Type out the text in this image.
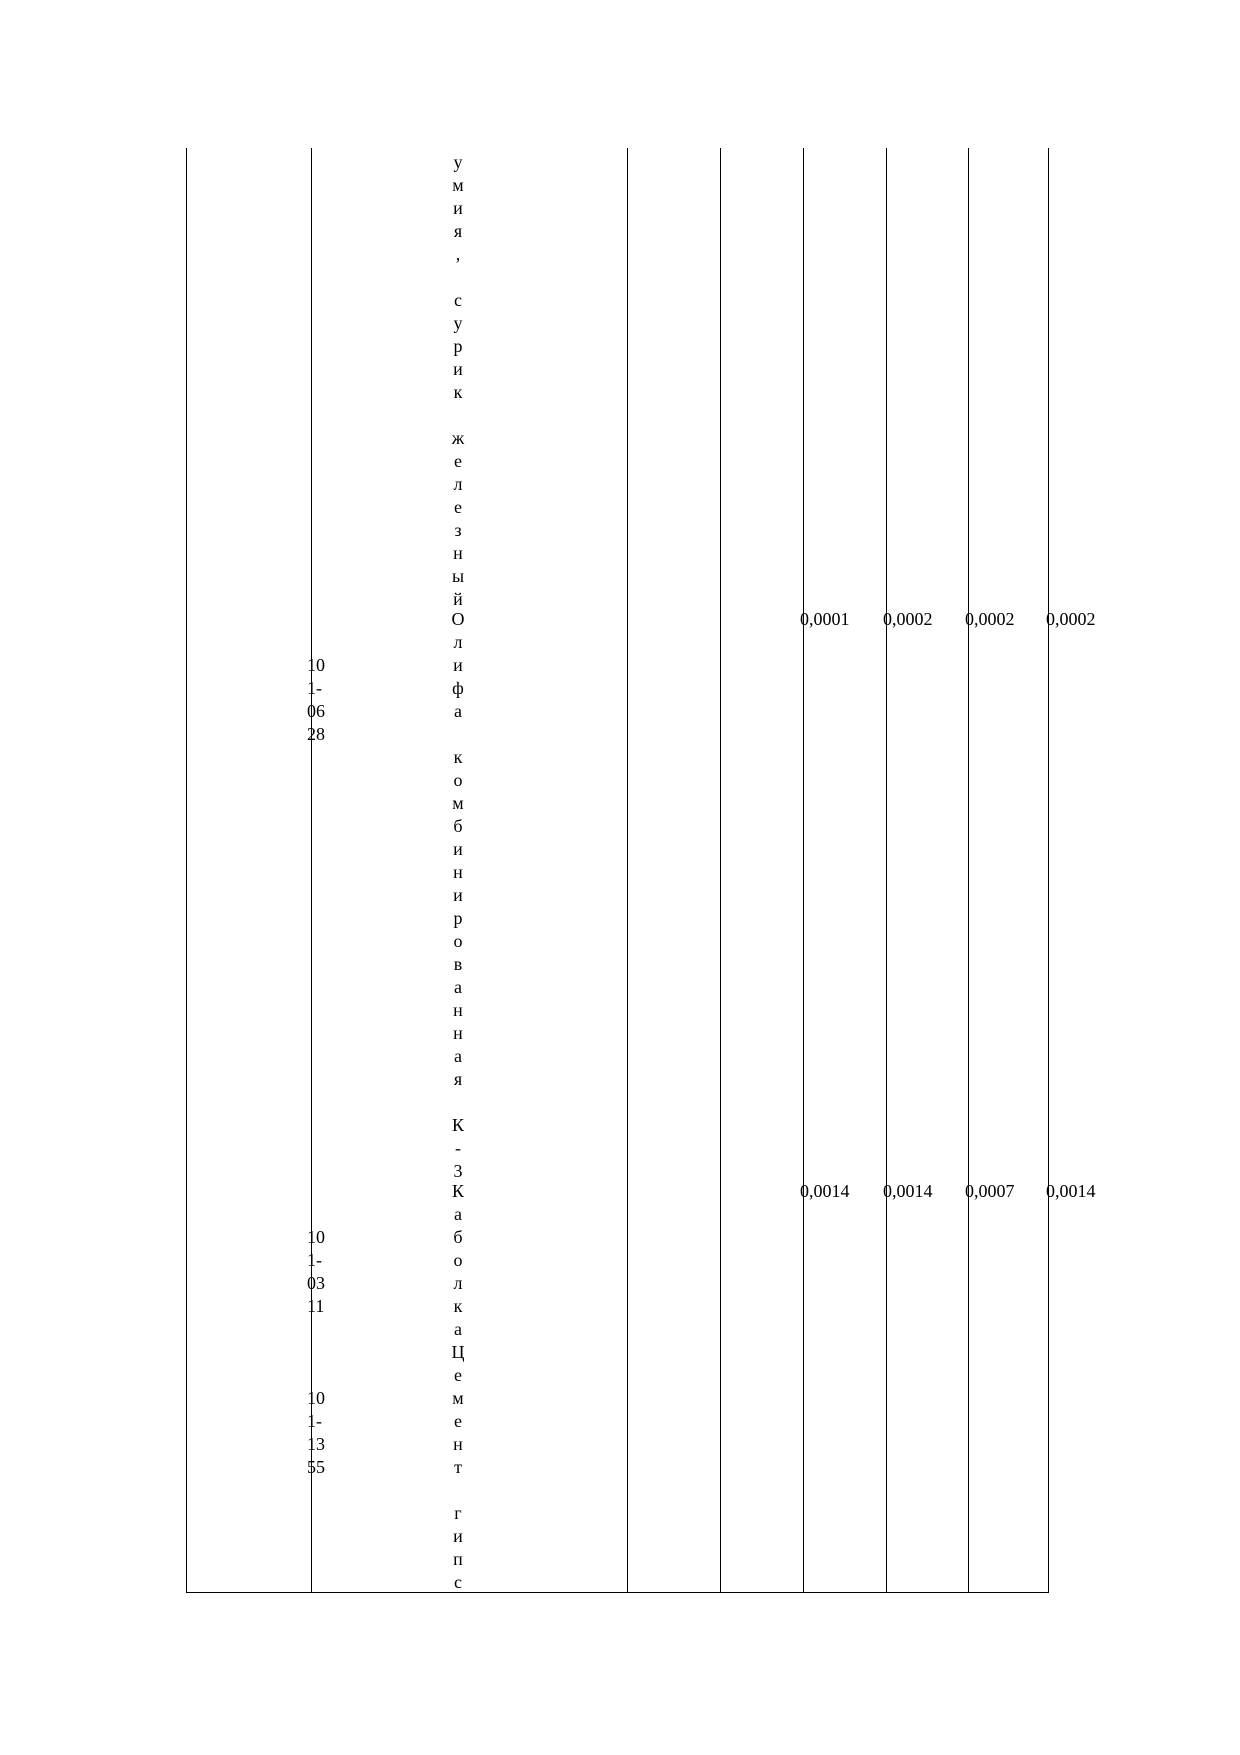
у
м
и
я
,
с
у
р
и
к
ж
е
л
е
з
н
ы
й

10
1-
06
28

О
л
и
ф
а
к
о
м
б
и
н
и
р
о
в
а
н
н
а
я
К
-
3
0,0001 0,0002 0,0002 0,0002

10
1-
03
11

К
а
б
о
л
к
а
0,0014 0,0014 0,0007 0,0014

10
1-
13
55

Ц
е
м
е
н
т
г
и
п
с
